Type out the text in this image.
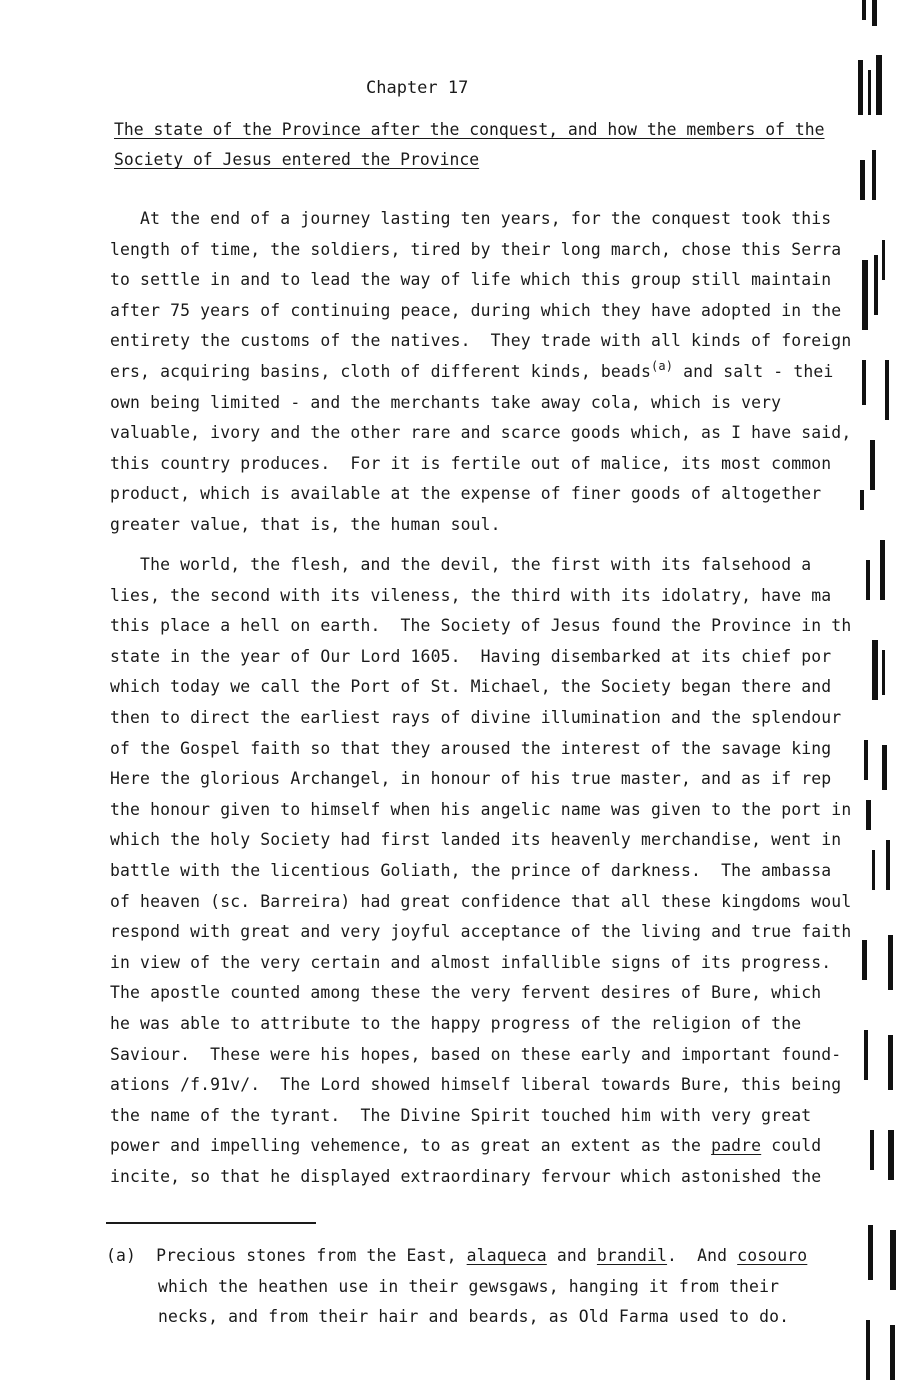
Chapter 17
The state of the Province after the conquest, and how the members of the
Society of Jesus entered the Province
At the end of a journey lasting ten years, for the conquest took this
length of time, the soldiers, tired by their long march, chose this Serra
to settle in and to lead the way of life which this group still maintain
after 75 years of continuing peace, during which they have adopted in the
entirety the customs of the natives.  They trade with all kinds of foreign
ers, acquiring basins, cloth of different kinds, beads$^{(a)}$ and salt - thei
own being limited - and the merchants take away cola, which is very
valuable, ivory and the other rare and scarce goods which, as I have said,
this country produces.  For it is fertile out of malice, its most common
product, which is available at the expense of finer goods of altogether
greater value, that is, the human soul.
The world, the flesh, and the devil, the first with its falsehood a
lies, the second with its vileness, the third with its idolatry, have ma
this place a hell on earth.  The Society of Jesus found the Province in th
state in the year of Our Lord 1605.  Having disembarked at its chief por
which today we call the Port of St. Michael, the Society began there and
then to direct the earliest rays of divine illumination and the splendour
of the Gospel faith so that they aroused the interest of the savage king
Here the glorious Archangel, in honour of his true master, and as if rep
the honour given to himself when his angelic name was given to the port in
which the holy Society had first landed its heavenly merchandise, went in
battle with the licentious Goliath, the prince of darkness.  The ambassa
of heaven (sc. Barreira) had great confidence that all these kingdoms woul
respond with great and very joyful acceptance of the living and true faith
in view of the very certain and almost infallible signs of its progress.
The apostle counted among these the very fervent desires of Bure, which
he was able to attribute to the happy progress of the religion of the
Saviour.  These were his hopes, based on these early and important found-
ations /f.91v/.  The Lord showed himself liberal towards Bure, this being
the name of the tyrant.  The Divine Spirit touched him with very great
power and impelling vehemence, to as great an extent as the padre could
incite, so that he displayed extraordinary fervour which astonished the
(a)  Precious stones from the East, alaqueca and brandil.  And cosouro
which the heathen use in their gewsgaws, hanging it from their
necks, and from their hair and beards, as Old Farma used to do.
